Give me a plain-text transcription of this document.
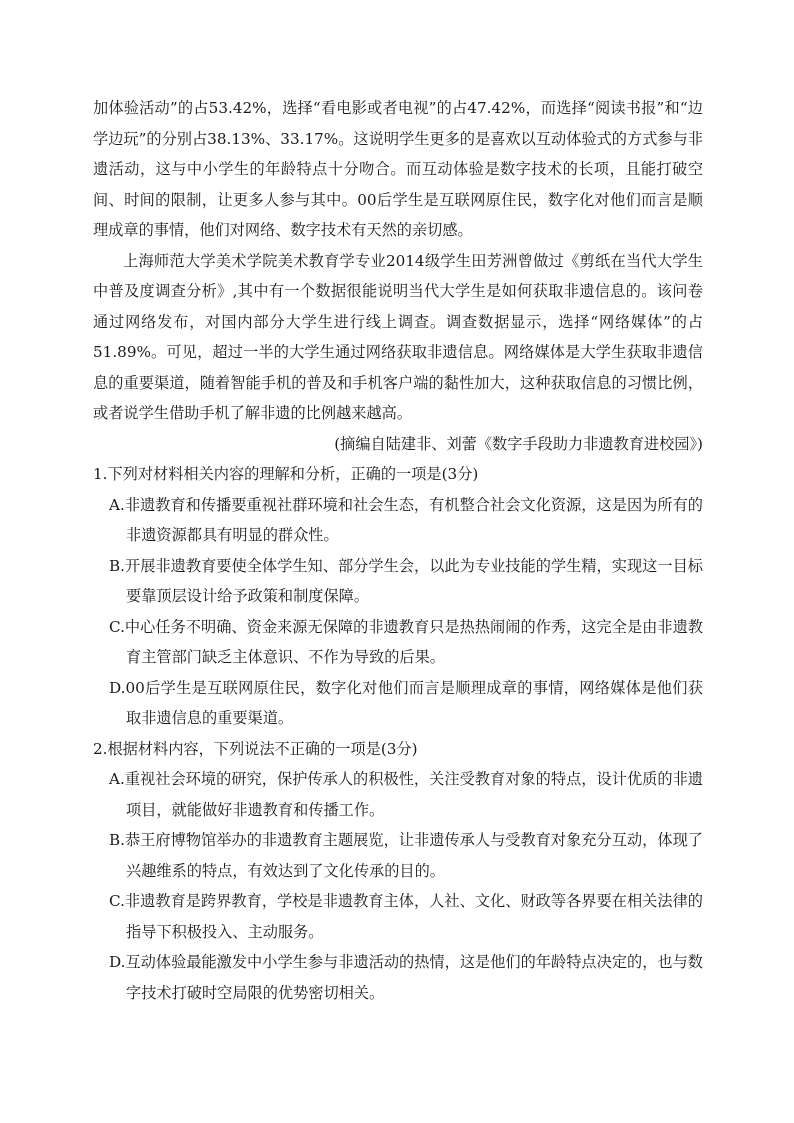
加体验活动”的占53.42%，选择“看电影或者电视”的占47.42%，而选择“阅读书报”和“边学边玩”的分别占38.13%、33.17%。这说明学生更多的是喜欢以互动体验式的方式参与非遗活动，这与中小学生的年龄特点十分吻合。而互动体验是数字技术的长项，且能打破空间、时间的限制，让更多人参与其中。00后学生是互联网原住民，数字化对他们而言是顺理成章的事情，他们对网络、数字技术有天然的亲切感。

上海师范大学美术学院美术教育学专业2014级学生田芳洲曾做过《剪纸在当代大学生中普及度调查分析》,其中有一个数据很能说明当代大学生是如何获取非遗信息的。该问卷通过网络发布，对国内部分大学生进行线上调查。调查数据显示，选择“网络媒体”的占51.89%。可见，超过一半的大学生通过网络获取非遗信息。网络媒体是大学生获取非遗信息的重要渠道，随着智能手机的普及和手机客户端的黏性加大，这种获取信息的习惯比例，或者说学生借助手机了解非遗的比例越来越高。

(摘编自陆建非、刘蕾《数字手段助力非遗教育进校园》)

1.下列对材料相关内容的理解和分析，正确的一项是(3分)

A.非遗教育和传播要重视社群环境和社会生态，有机整合社会文化资源，这是因为所有的非遗资源都具有明显的群众性。

B.开展非遗教育要使全体学生知、部分学生会，以此为专业技能的学生精，实现这一目标要靠顶层设计给予政策和制度保障。

C.中心任务不明确、资金来源无保障的非遗教育只是热热闹闹的作秀，这完全是由非遗教育主管部门缺乏主体意识、不作为导致的后果。

D.00后学生是互联网原住民，数字化对他们而言是顺理成章的事情，网络媒体是他们获取非遗信息的重要渠道。

2.根据材料内容，下列说法不正确的一项是(3分)

A.重视社会环境的研究，保护传承人的积极性，关注受教育对象的特点，设计优质的非遗项目，就能做好非遗教育和传播工作。

B.恭王府博物馆举办的非遗教育主题展览，让非遗传承人与受教育对象充分互动，体现了兴趣维系的特点，有效达到了文化传承的目的。

C.非遗教育是跨界教育，学校是非遗教育主体，人社、文化、财政等各界要在相关法律的指导下积极投入、主动服务。

D.互动体验最能激发中小学生参与非遗活动的热情，这是他们的年龄特点决定的，也与数字技术打破时空局限的优势密切相关。
